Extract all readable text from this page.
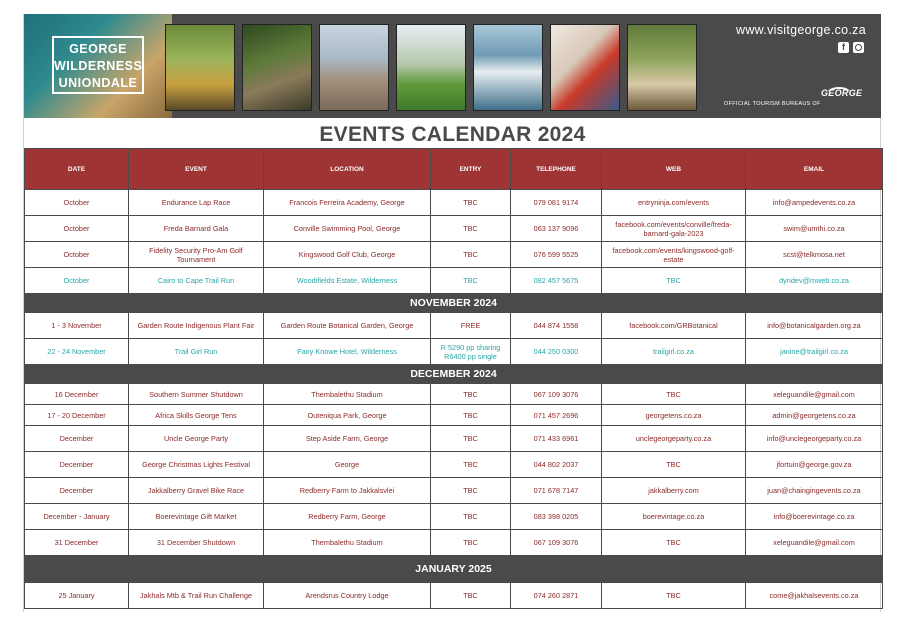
GEORGE
WILDERNESS
UNIONDALE
www.visitgeorge.co.za
f
OFFICIAL TOURISM BUREAUS OF
GEORGE
EVENTS CALENDAR 2024
DATE	EVENT	LOCATION	ENTRY	TELEPHONE	WEB	EMAIL
October	Endurance Lap Race	Francois Ferreira Academy, George	TBC	079 081 9174	entryninja.com/events	info@ampedevents.co.za
October	Freda Barnard Gala	Conville Swimming Pool, George	TBC	063 137 9096	facebook.com/events/conville/freda-barnard-gala-2023	swim@umthi.co.za
October	Fidelity Security Pro-Am Golf Tournament	Kingswood Golf Club, George	TBC	076 599 5525	facebook.com/events/kingswood-golf-estate	scst@telkmosa.net
October	Cairo to Cape Trail Run	Woodifields Estate, Wilderness	TBC	082 457 5675	TBC	dyndev@mweb.co.za
NOVEMBER 2024						
1 - 3 November	Garden Route Indigenous Plant Fair	Garden Route Botanical Garden, George	FREE	044 874 1558	facebook.com/GRBotanical	info@botanicalgarden.org.za
22 - 24 November	Trail Girl Run	Fairy Knowe Hotel, Wilderness	R 5290 pp sharing R6400 pp single	044 250 0300	trailgirl.co.za	janine@trailgirl.co.za
DECEMBER 2024						
16 December	Southern Summer Shutdown	Thembalethu Stadium	TBC	067 109 3076	TBC	xeleguandile@gmail.com
17 - 20 December	Africa Skills George Tens	Outeniqua Park, George	TBC	071 457 2696	georgetens.co.za	admin@georgetens.co.za
December	Uncle George Party	Step Aside Farm, George	TBC	071 433 6961	unclegeorgeparty.co.za	info@unclegeorgeparty.co.za
December	George Christmas Lights Festival	George	TBC	044 802 2037	TBC	jfortuin@george.gov.za
December	Jakkalberry Gravel Bike Race	Redberry Farm to Jakkalsvlei	TBC	071 678 7147	jakkalberry.com	juan@chaingingevents.co.za
December - January	Boerevintage Gift Market	Redberry Farm, George	TBC	083 398 0205	boerevintage.co.za	info@boerevintage.co.za
31 December	31 December Shutdown	Thembalethu Stadium	TBC	067 109 3076	TBC	xeleguandile@gmail.com
JANUARY 2025						
25 January	Jakhals Mtb & Trail Run Challenge	Arendsrus Country Lodge	TBC	074 260 2871	TBC	come@jakhalsevents.co.za
